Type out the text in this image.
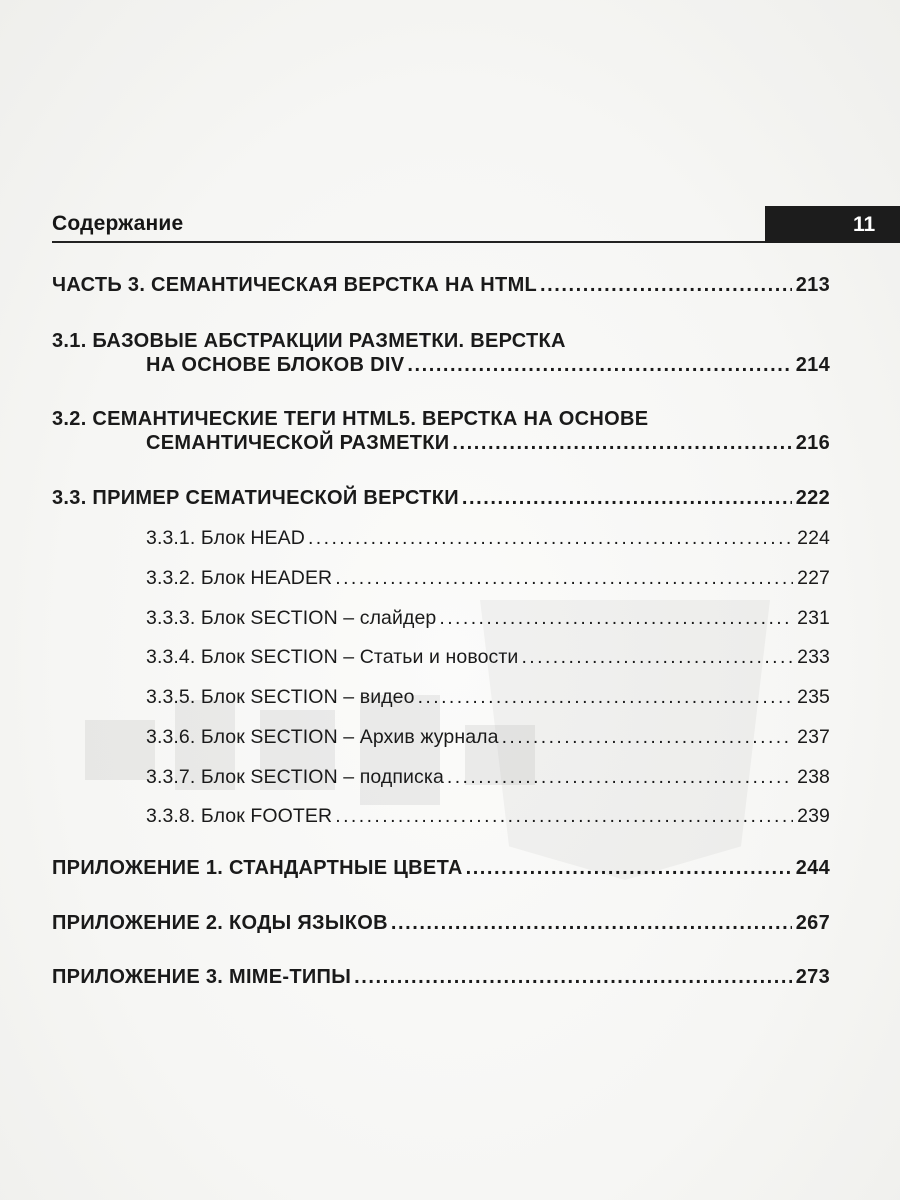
Содержание	11
ЧАСТЬ 3. СЕМАНТИЧЕСКАЯ ВЕРСТКА НА HTML . . .	213
3.1. БАЗОВЫЕ АБСТРАКЦИИ РАЗМЕТКИ. ВЕРСТКА
НА ОСНОВЕ БЛОКОВ DIV . . .	214
3.2. СЕМАНТИЧЕСКИЕ ТЕГИ HTML5. ВЕРСТКА НА ОСНОВЕ
СЕМАНТИЧЕСКОЙ РАЗМЕТКИ . . .	216
3.3. ПРИМЕР СЕМАТИЧЕСКОЙ ВЕРСТКИ . . .	222
3.3.1. Блок HEAD . . .	224
3.3.2. Блок HEADER . . .	227
3.3.3. Блок SECTION – слайдер . . .	231
3.3.4. Блок SECTION – Статьи и новости . . .	233
3.3.5. Блок SECTION – видео . . .	235
3.3.6. Блок SECTION – Архив журнала . . .	237
3.3.7. Блок SECTION – подписка . . .	238
3.3.8. Блок FOOTER . . .	239
ПРИЛОЖЕНИЕ 1. СТАНДАРТНЫЕ ЦВЕТА . . .	244
ПРИЛОЖЕНИЕ 2. КОДЫ ЯЗЫКОВ . . .	267
ПРИЛОЖЕНИЕ 3. MIME-ТИПЫ . . .	273
